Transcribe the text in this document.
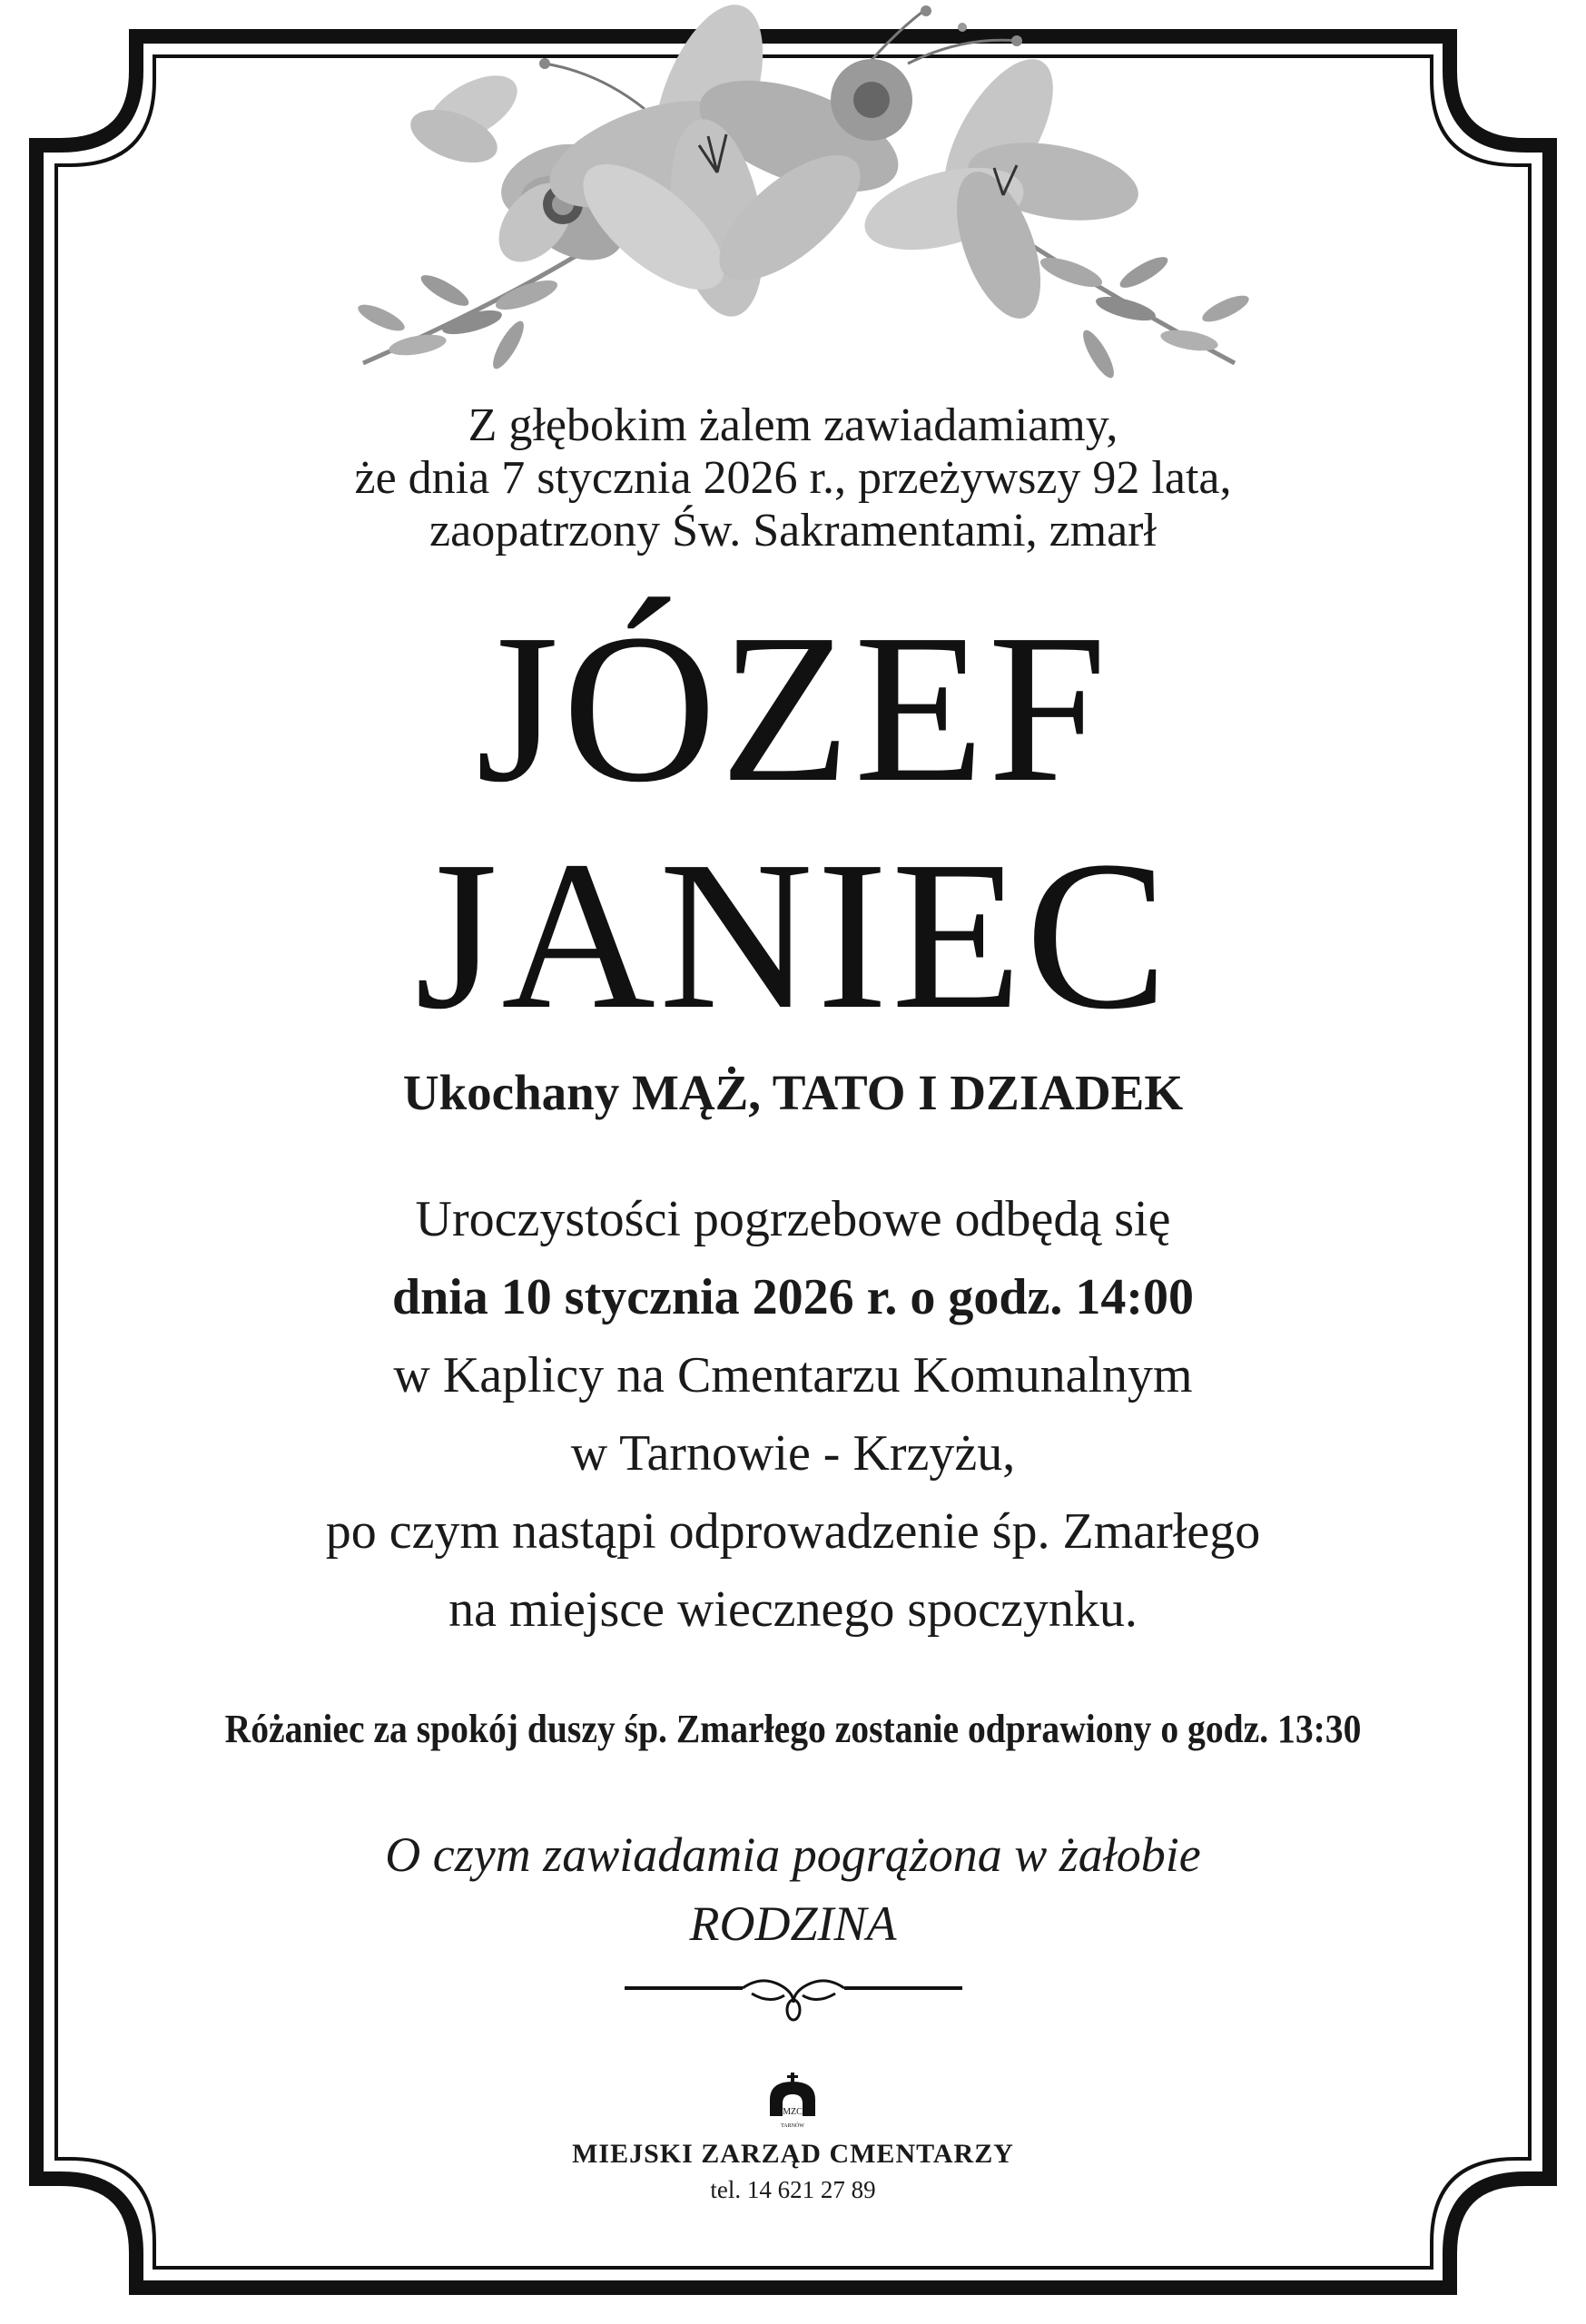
Z głębokim żalem zawiadamiamy,
że dnia 7 stycznia 2026 r., przeżywszy 92 lata,
zaopatrzony Św. Sakramentami, zmarł
JÓZEF
JANIEC
Ukochany MĄŻ, TATO I DZIADEK
Uroczystości pogrzebowe odbędą się
dnia 10 stycznia 2026 r. o godz. 14:00
w Kaplicy na Cmentarzu Komunalnym
w Tarnowie - Krzyżu,
po czym nastąpi odprowadzenie śp. Zmarłego
na miejsce wiecznego spoczynku.
Różaniec za spokój duszy śp. Zmarłego zostanie odprawiony o godz. 13:30
O czym zawiadamia pogrążona w żałobie
RODZINA
MZC
TARNÓW
MIEJSKI ZARZĄD CMENTARZY
tel. 14 621 27 89
